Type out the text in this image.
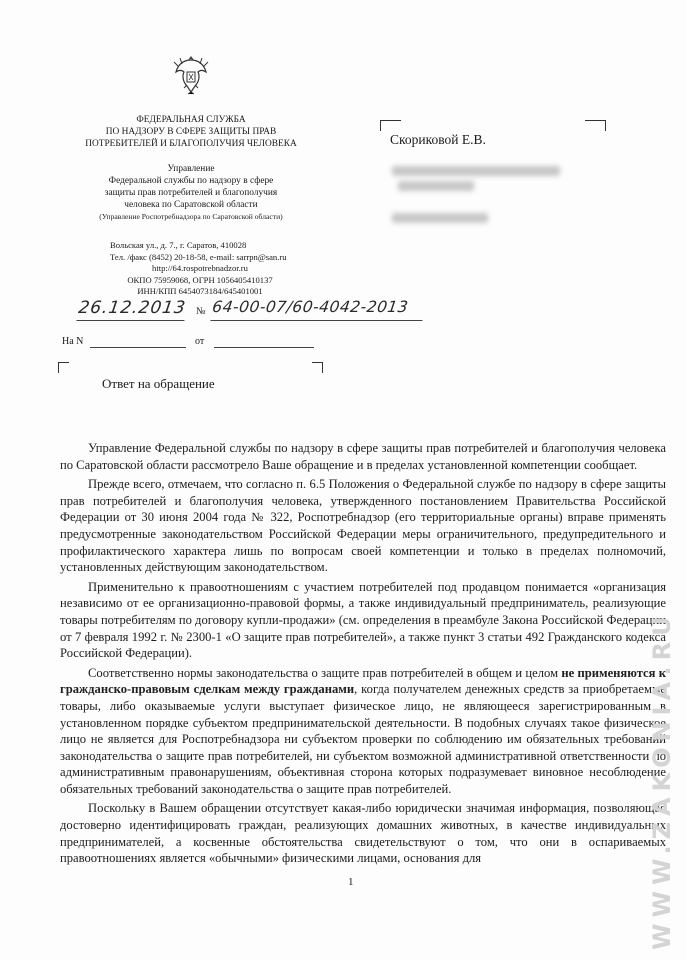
ФЕДЕРАЛЬНАЯ СЛУЖБА
ПО НАДЗОРУ В СФЕРЕ ЗАЩИТЫ ПРАВ
ПОТРЕБИТЕЛЕЙ И БЛАГОПОЛУЧИЯ ЧЕЛОВЕКА
Управление
Федеральной службы по надзору в сфере
защиты прав потребителей и благополучия
человека по Саратовской области
(Управление Роспотребнадзора по Саратовской области)
Вольская ул., д. 7., г. Саратов, 410028
Тел. /факс (8452) 20-18-58, e-mail: sarrpn@san.ru
http://64.rospotrebnadzor.ru
ОКПО 75959068, ОГРН 1056405410137
ИНН/КПП 6454073184/645401001
26.12.2013 № 64-00-07/60-4042-2013
На N	от
Ответ на обращение
Скориковой Е.В.

Управление Федеральной службы по надзору в сфере защиты прав потребителей и благополучия человека по Саратовской области рассмотрело Ваше обращение и в пределах установленной компетенции сообщает.

Прежде всего, отмечаем, что согласно п. 6.5 Положения о Федеральной службе по надзору в сфере защиты прав потребителей и благополучия человека, утвержденного постановлением Правительства Российской Федерации от 30 июня 2004 года № 322, Роспотребнадзор (его территориальные органы) вправе применять предусмотренные законодательством Российской Федерации меры ограничительного, предупредительного и профилактического характера лишь по вопросам своей компетенции и только в пределах полномочий, установленных действующим законодательством.

Применительно к правоотношениям с участием потребителей под продавцом понимается «организация независимо от ее организационно-правовой формы, а также индивидуальный предприниматель, реализующие товары потребителям по договору купли-продажи» (см. определения в преамбуле Закона Российской Федерации от 7 февраля 1992 г. № 2300-1 «О защите прав потребителей», а также пункт 3 статьи 492 Гражданского кодекса Российской Федерации).

Соответственно нормы законодательства о защите прав потребителей в общем и целом не применяются к гражданско-правовым сделкам между гражданами, когда получателем денежных средств за приобретаемые товары, либо оказываемые услуги выступает физическое лицо, не являющееся зарегистрированным в установленном порядке субъектом предпринимательской деятельности. В подобных случаях такое физическое лицо не является для Роспотребнадзора ни субъектом проверки по соблюдению им обязательных требований законодательства о защите прав потребителей, ни субъектом возможной административной ответственности по административным правонарушениям, объективная сторона которых подразумевает виновное несоблюдение обязательных требований законодательства о защите прав потребителей.

Поскольку в Вашем обращении отсутствует какая-либо юридически значимая информация, позволяющая достоверно идентифицировать граждан, реализующих домашних животных, в качестве индивидуальных предпринимателей, а косвенные обстоятельства свидетельствуют о том, что они в оспариваемых правоотношениях является «обычными» физическими лицами, основания для

1	WWW.ZAKONIA.RU
